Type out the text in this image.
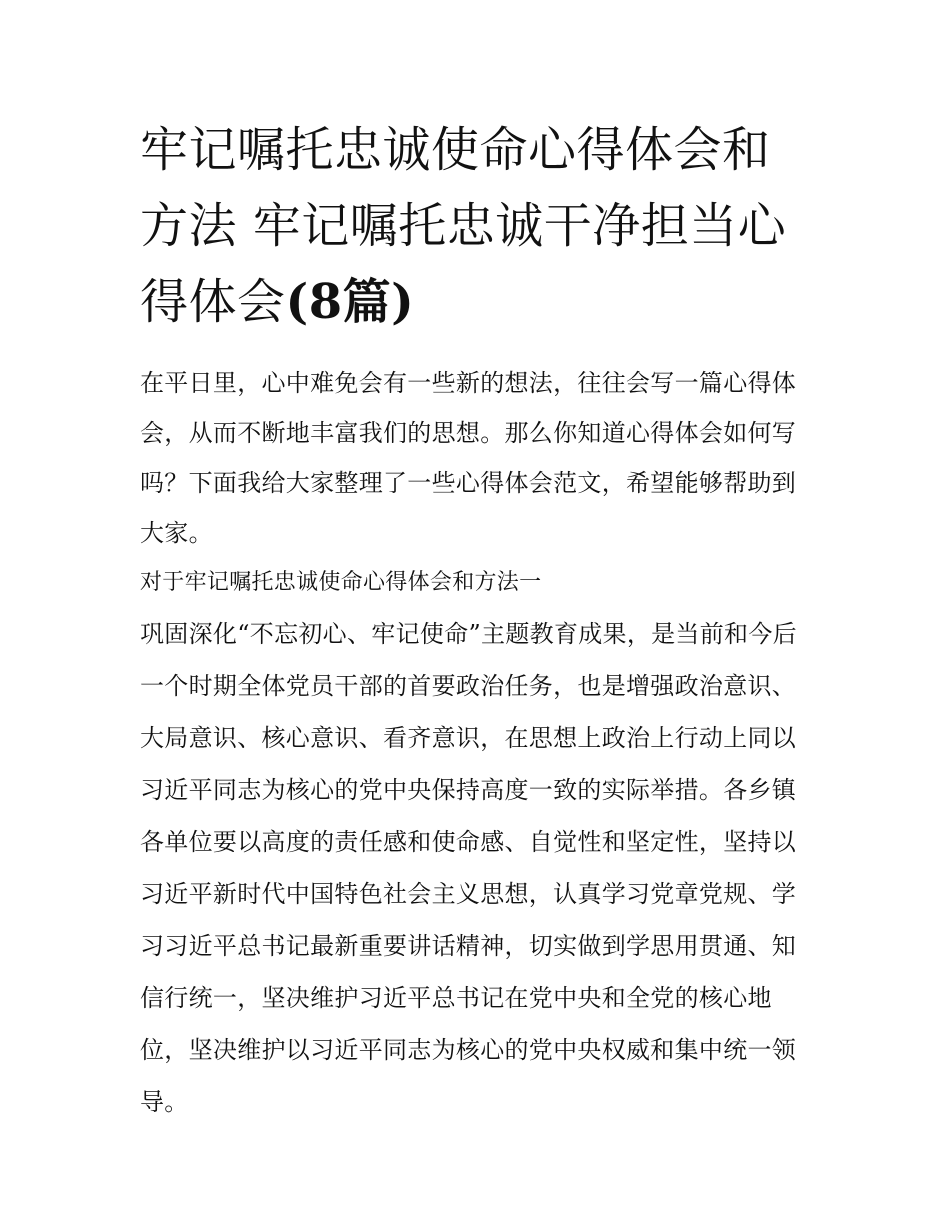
牢记嘱托忠诚使命心得体会和
方法 牢记嘱托忠诚干净担当心
得体会(8篇)

在平日里，心中难免会有一些新的想法，往往会写一篇心得体
会，从而不断地丰富我们的思想。那么你知道心得体会如何写
吗？下面我给大家整理了一些心得体会范文，希望能够帮助到
大家。

对于牢记嘱托忠诚使命心得体会和方法一

巩固深化“不忘初心、牢记使命”主题教育成果，是当前和今后
一个时期全体党员干部的首要政治任务，也是增强政治意识、
大局意识、核心意识、看齐意识，在思想上政治上行动上同以
习近平同志为核心的党中央保持高度一致的实际举措。各乡镇
各单位要以高度的责任感和使命感、自觉性和坚定性，坚持以
习近平新时代中国特色社会主义思想，认真学习党章党规、学
习习近平总书记最新重要讲话精神，切实做到学思用贯通、知
信行统一，坚决维护习近平总书记在党中央和全党的核心地
位，坚决维护以习近平同志为核心的党中央权威和集中统一领
导。
